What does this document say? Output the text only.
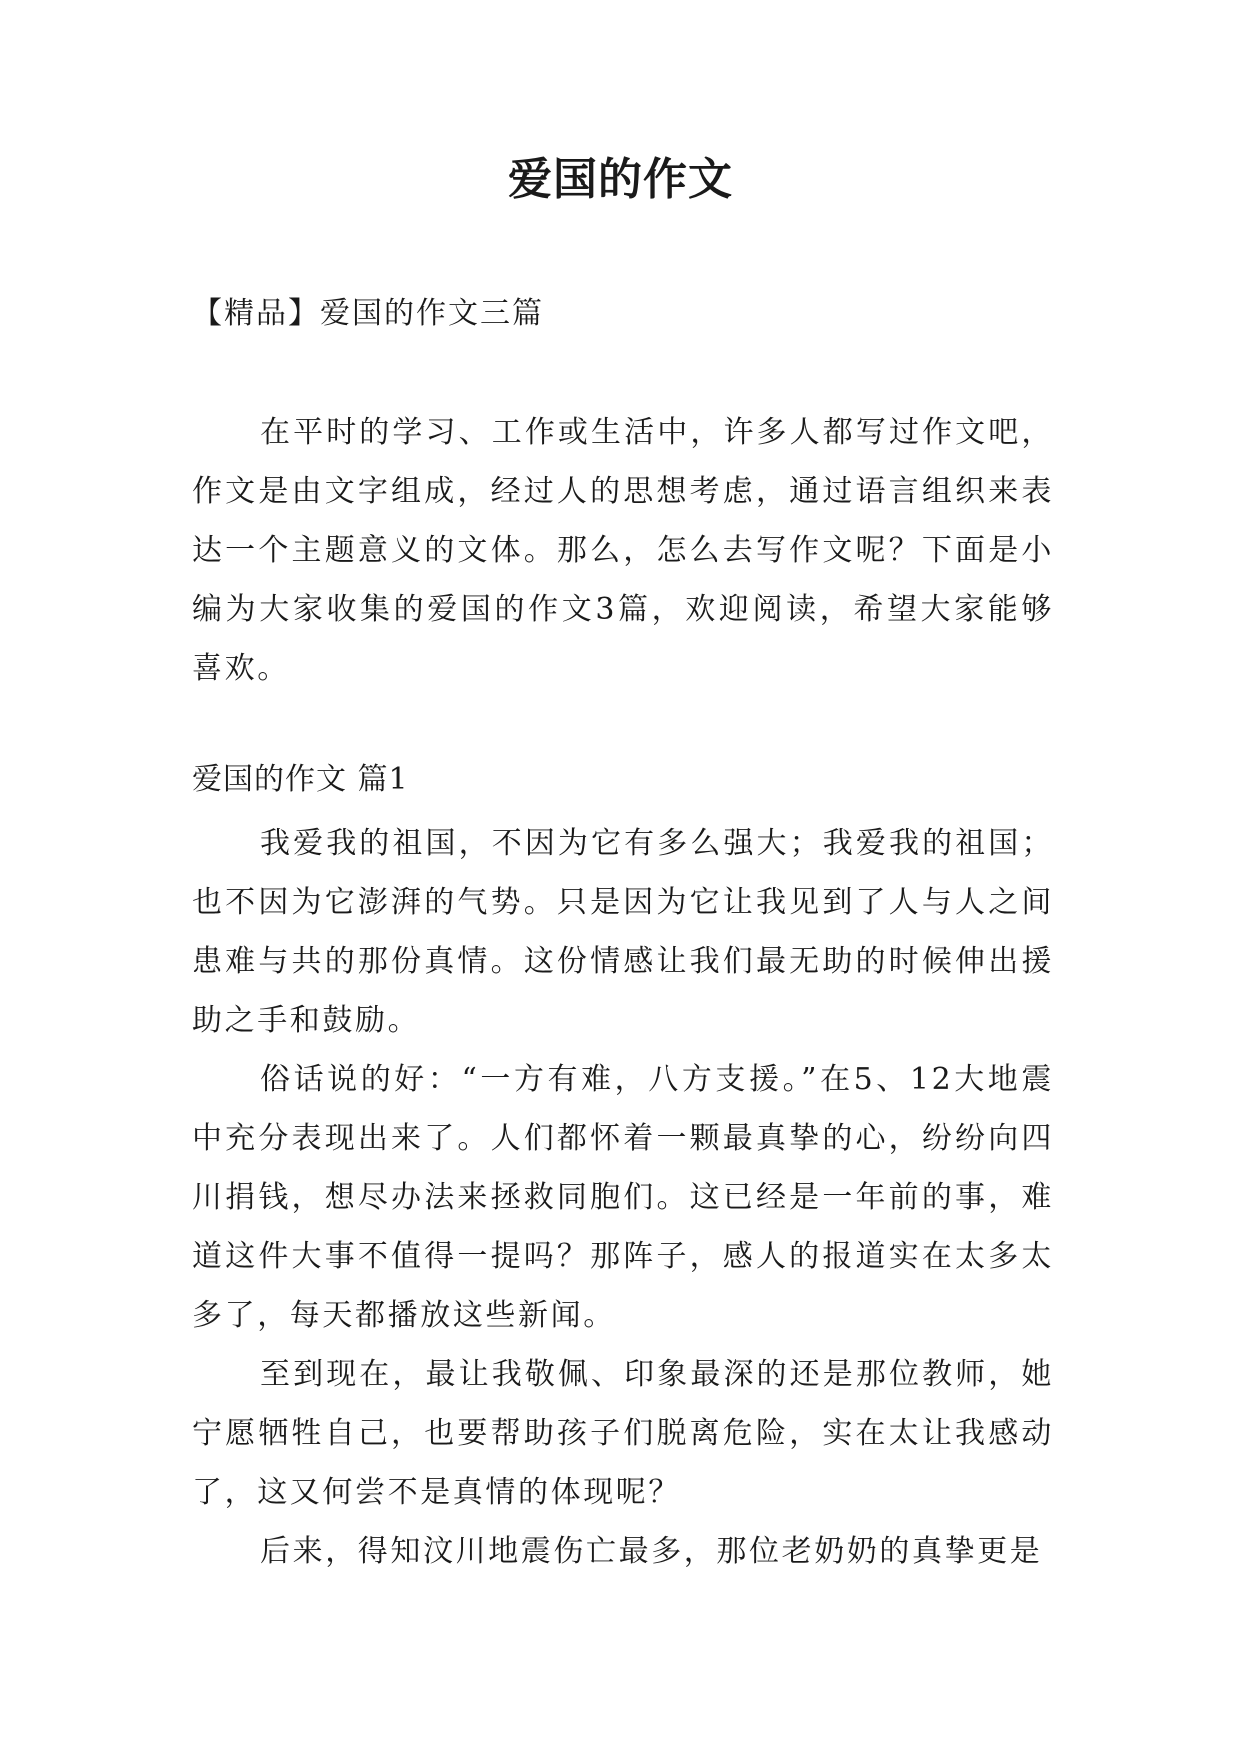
爱国的作文

【精品】爱国的作文三篇

在平时的学习、工作或生活中，许多人都写过作文吧，作文是由文字组成，经过人的思想考虑，通过语言组织来表达一个主题意义的文体。那么，怎么去写作文呢？下面是小编为大家收集的爱国的作文3篇，欢迎阅读，希望大家能够喜欢。

爱国的作文 篇1

我爱我的祖国，不因为它有多么强大；我爱我的祖国；也不因为它澎湃的气势。只是因为它让我见到了人与人之间患难与共的那份真情。这份情感让我们最无助的时候伸出援助之手和鼓励。

俗话说的好：“一方有难，八方支援。”在5、12大地震中充分表现出来了。人们都怀着一颗最真挚的心，纷纷向四川捐钱，想尽办法来拯救同胞们。这已经是一年前的事，难道这件大事不值得一提吗？那阵子，感人的报道实在太多太多了，每天都播放这些新闻。

至到现在，最让我敬佩、印象最深的还是那位教师，她宁愿牺牲自己，也要帮助孩子们脱离危险，实在太让我感动了，这又何尝不是真情的体现呢？

后来，得知汶川地震伤亡最多，那位老奶奶的真挚更是
